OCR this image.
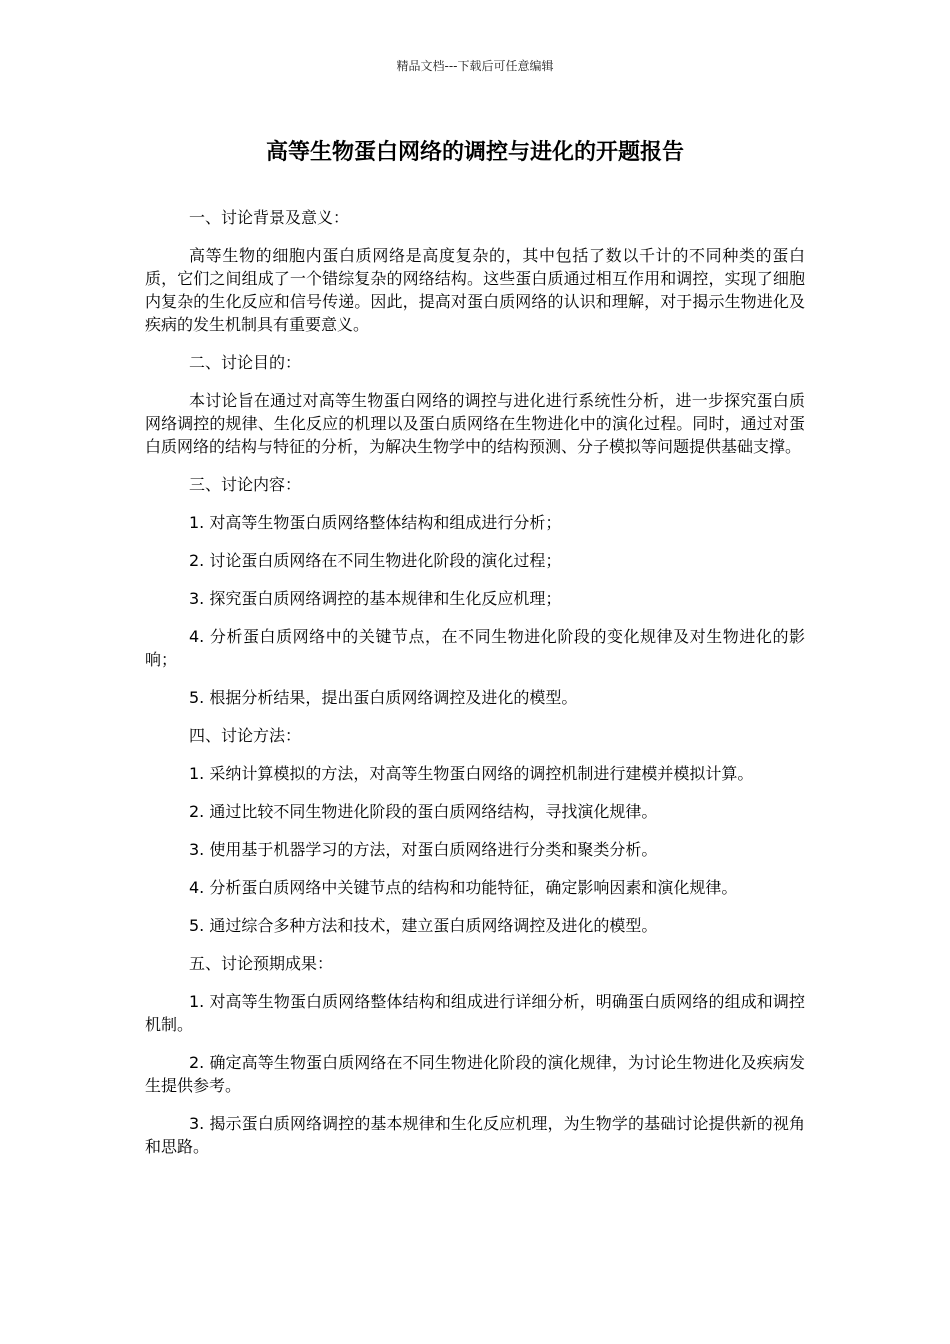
精品文档---下载后可任意编辑
高等生物蛋白网络的调控与进化的开题报告

一、讨论背景及意义：

高等生物的细胞内蛋白质网络是高度复杂的，其中包括了数以千计的不同种类的蛋白质，它们之间组成了一个错综复杂的网络结构。这些蛋白质通过相互作用和调控，实现了细胞内复杂的生化反应和信号传递。因此，提高对蛋白质网络的认识和理解，对于揭示生物进化及疾病的发生机制具有重要意义。

二、讨论目的：

本讨论旨在通过对高等生物蛋白网络的调控与进化进行系统性分析，进一步探究蛋白质网络调控的规律、生化反应的机理以及蛋白质网络在生物进化中的演化过程。同时，通过对蛋白质网络的结构与特征的分析，为解决生物学中的结构预测、分子模拟等问题提供基础支撑。

三、讨论内容：

1. 对高等生物蛋白质网络整体结构和组成进行分析；

2. 讨论蛋白质网络在不同生物进化阶段的演化过程；

3. 探究蛋白质网络调控的基本规律和生化反应机理；

4. 分析蛋白质网络中的关键节点，在不同生物进化阶段的变化规律及对生物进化的影响；

5. 根据分析结果，提出蛋白质网络调控及进化的模型。

四、讨论方法：

1. 采纳计算模拟的方法，对高等生物蛋白网络的调控机制进行建模并模拟计算。

2. 通过比较不同生物进化阶段的蛋白质网络结构，寻找演化规律。

3. 使用基于机器学习的方法，对蛋白质网络进行分类和聚类分析。

4. 分析蛋白质网络中关键节点的结构和功能特征，确定影响因素和演化规律。

5. 通过综合多种方法和技术，建立蛋白质网络调控及进化的模型。

五、讨论预期成果：

1. 对高等生物蛋白质网络整体结构和组成进行详细分析，明确蛋白质网络的组成和调控机制。

2. 确定高等生物蛋白质网络在不同生物进化阶段的演化规律，为讨论生物进化及疾病发生提供参考。

3. 揭示蛋白质网络调控的基本规律和生化反应机理，为生物学的基础讨论提供新的视角和思路。
